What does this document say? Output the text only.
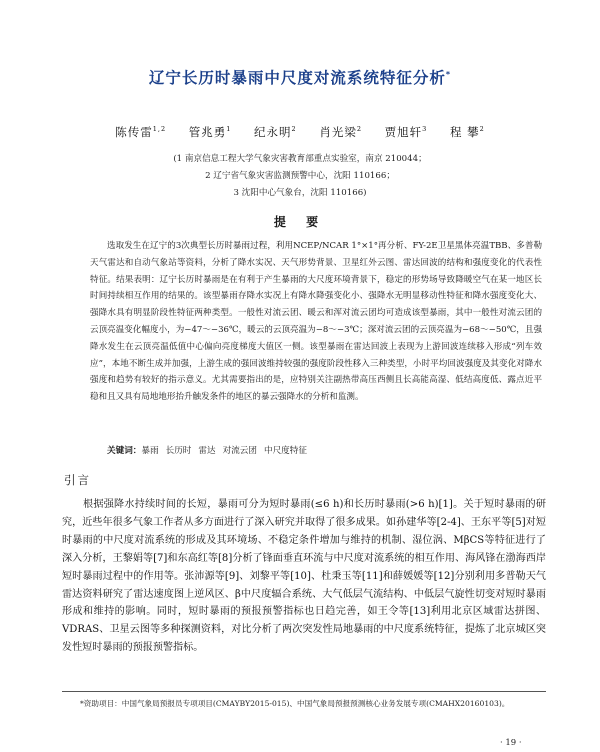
辽宁长历时暴雨中尺度对流系统特征分析*
陈传雷$^{1,2}$ 管兆勇$^1$ 纪永明$^2$ 肖光梁$^2$ 贾旭轩$^3$ 程 攀$^2$
(1 南京信息工程大学气象灾害教育部重点实验室，南京 210044；
2 辽宁省气象灾害监测预警中心，沈阳 110166；
3 沈阳中心气象台，沈阳 110166)
提 要

选取发生在辽宁的3次典型长历时暴雨过程，利用NCEP/NCAR 1°×1°再分析、FY-2E卫星黑体亮温TBB、多普勒天气雷达和自动气象站等资料，分析了降水实况、天气形势背景、卫星红外云图、雷达回波的结构和强度变化的代表性特征。结果表明：辽宁长历时暴雨是在有利于产生暴雨的大尺度环境背景下，稳定的形势场导致降暖空气在某一地区长时间持续相互作用的结果的。该型暴雨存降水实况上有降水降强变化小、强降水无明显移动性特征和降水强度变化大、强降水具有明显阶段性特征两种类型。一般性对流云团、暖云和浑对流云团均可造成该型暴雨，其中一般性对流云团的云顶亮温变化幅度小，为−47～−36℃，暖云的云顶亮温为−8～−3℃；深对流云团的云顶亮温为−68～−50℃，且强降水发生在云顶亮温低值中心偏向亮度梯度大值区一侧。该型暴雨在雷达回波上表现为上游回波连续移入形成“列车效应”，本地不断生成并加强，上游生成的强回波维持较强的强度阶段性移入三种类型，小时平均回波强度及其变化对降水强度和趋势有较好的指示意义。尤其需要指出的是，应特别关注副热带高压西侧且长高能高湿、低结高度低、露点近平稳和且又具有局地地形抬升触发条件的地区的暴云强降水的分析和监测。

关键词：暴雨 长历时 雷达 对流云团 中尺度特征
引言

根据强降水持续时间的长短，暴雨可分为短时暴雨(≤6 h)和长历时暴雨(>6 h)[1]。关于短时暴雨的研究，近些年很多气象工作者从多方面进行了深入研究并取得了很多成果。如孙建华等[2-4]、王东平等[5]对短时暴雨的中尺度对流系统的形成及其环境场、不稳定条件增加与维持的机制、湿位涡、MβCS等特征进行了深入分析，王黎娟等[7]和东高红等[8]分析了锋面垂直环流与中尺度对流系统的相互作用、海风锋在渤海西岸短时暴雨过程中的作用等。张沛源等[9]、刘黎平等[10]、杜秉玉等[11]和薛媛媛等[12]分别利用多普勒天气雷达资料研究了雷达速度图上逆风区、β中尺度辐合系统、大气低层气流结构、中低层气旋性切变对短时暴雨形成和维持的影响。同时，短时暴雨的预报预警指标也日趋完善，如王令等[13]利用北京区域雷达拼图、VDRAS、卫星云图等多种探测资料，对比分析了两次突发性局地暴雨的中尺度系统特征，提炼了北京城区突发性短时暴雨的预报预警指标。

*资助项目：中国气象局预报员专项项目(CMAYBY2015-015)、中国气象局预报预测核心业务发展专项(CMAHX20160103)。

· 19 ·
